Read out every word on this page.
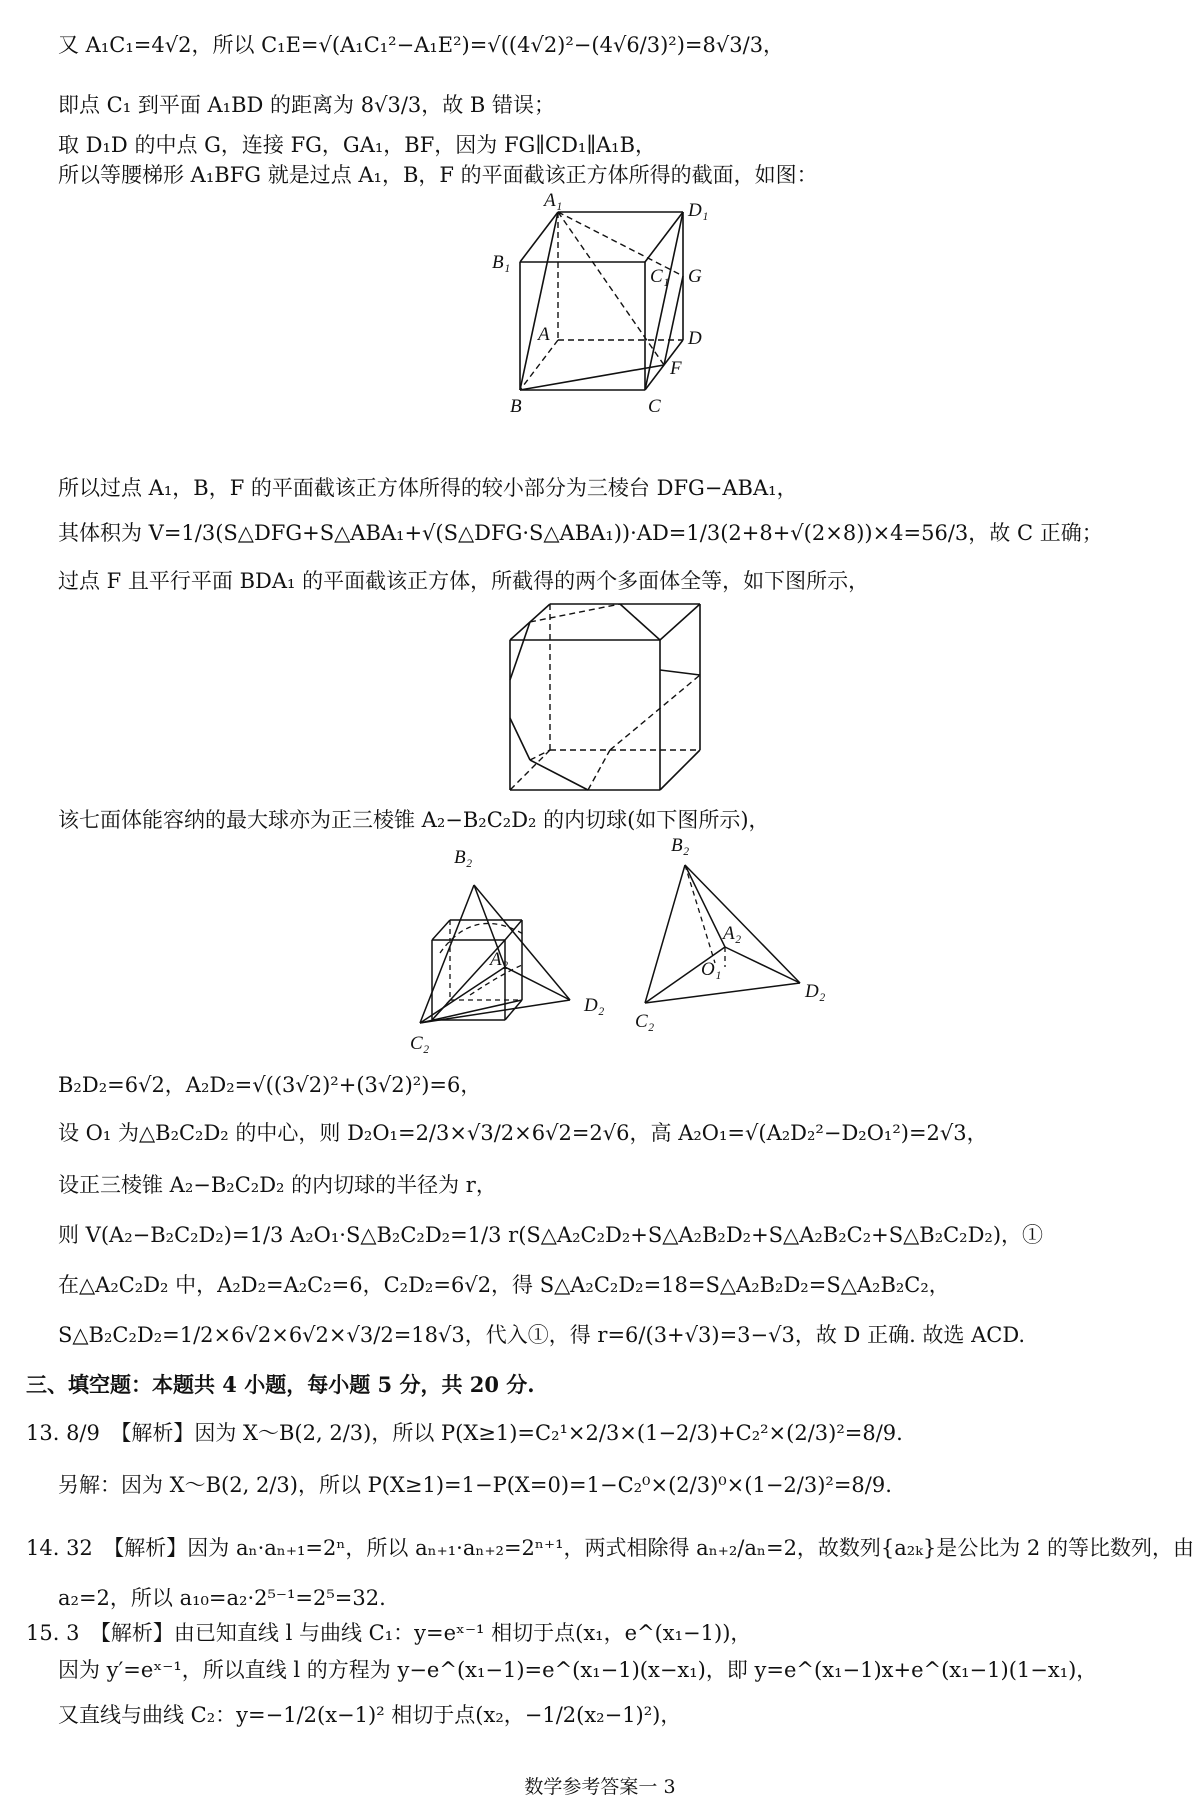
又 A₁C₁=4√2，所以 C₁E=√(A₁C₁²−A₁E²)=√((4√2)²−(4√6/3)²)=8√3/3，
即点 C₁ 到平面 A₁BD 的距离为 8√3/3，故 B 错误；
取 D₁D 的中点 G，连接 FG，GA₁，BF，因为 FG∥CD₁∥A₁B，
所以等腰梯形 A₁BFG 就是过点 A₁，B，F 的平面截该正方体所得的截面，如图：
A₁	D₁
B₁
C₁ G
A	D
F
B	C
所以过点 A₁，B，F 的平面截该正方体所得的较小部分为三棱台 DFG−ABA₁，
其体积为 V=1/3(S△DFG+S△ABA₁+√(S△DFG·S△ABA₁))·AD=1/3(2+8+√(2×8))×4=56/3，故 C 正确；
过点 F 且平行平面 BDA₁ 的平面截该正方体，所截得的两个多面体全等，如下图所示，
该七面体能容纳的最大球亦为正三棱锥 A₂−B₂C₂D₂ 的内切球(如下图所示)，
B₂
A₂
D₂
C₂
B₂
A₂
O₁
D₂
C₂
B₂D₂=6√2，A₂D₂=√((3√2)²+(3√2)²)=6，
设 O₁ 为△B₂C₂D₂ 的中心，则 D₂O₁=2/3×√3/2×6√2=2√6，高 A₂O₁=√(A₂D₂²−D₂O₁²)=2√3，
设正三棱锥 A₂−B₂C₂D₂ 的内切球的半径为 r，
则 V(A₂−B₂C₂D₂)=1/3 A₂O₁·S△B₂C₂D₂=1/3 r(S△A₂C₂D₂+S△A₂B₂D₂+S△A₂B₂C₂+S△B₂C₂D₂)，①
在△A₂C₂D₂ 中，A₂D₂=A₂C₂=6，C₂D₂=6√2，得 S△A₂C₂D₂=18=S△A₂B₂D₂=S△A₂B₂C₂，
S△B₂C₂D₂=1/2×6√2×6√2×√3/2=18√3，代入①，得 r=6/(3+√3)=3−√3，故 D 正确. 故选 ACD.
三、填空题：本题共 4 小题，每小题 5 分，共 20 分.
13. 8/9　【解析】因为 X～B(2, 2/3)，所以 P(X≥1)=C₂¹×2/3×(1−2/3)+C₂²×(2/3)²=8/9.
另解：因为 X～B(2, 2/3)，所以 P(X≥1)=1−P(X=0)=1−C₂⁰×(2/3)⁰×(1−2/3)²=8/9.
14. 32　【解析】因为 aₙ·aₙ₊₁=2ⁿ，所以 aₙ₊₁·aₙ₊₂=2ⁿ⁺¹，两式相除得 aₙ₊₂/aₙ=2，故数列{a₂ₖ}是公比为 2 的等比数列，由
a₂=2，所以 a₁₀=a₂·2⁵⁻¹=2⁵=32.
15. 3　【解析】由已知直线 l 与曲线 C₁：y=eˣ⁻¹ 相切于点(x₁，e^(x₁−1))，
因为 y′=eˣ⁻¹，所以直线 l 的方程为 y−e^(x₁−1)=e^(x₁−1)(x−x₁)，即 y=e^(x₁−1)x+e^(x₁−1)(1−x₁)，
又直线与曲线 C₂：y=−1/2(x−1)² 相切于点(x₂，−1/2(x₂−1)²)，
数学参考答案一 3
